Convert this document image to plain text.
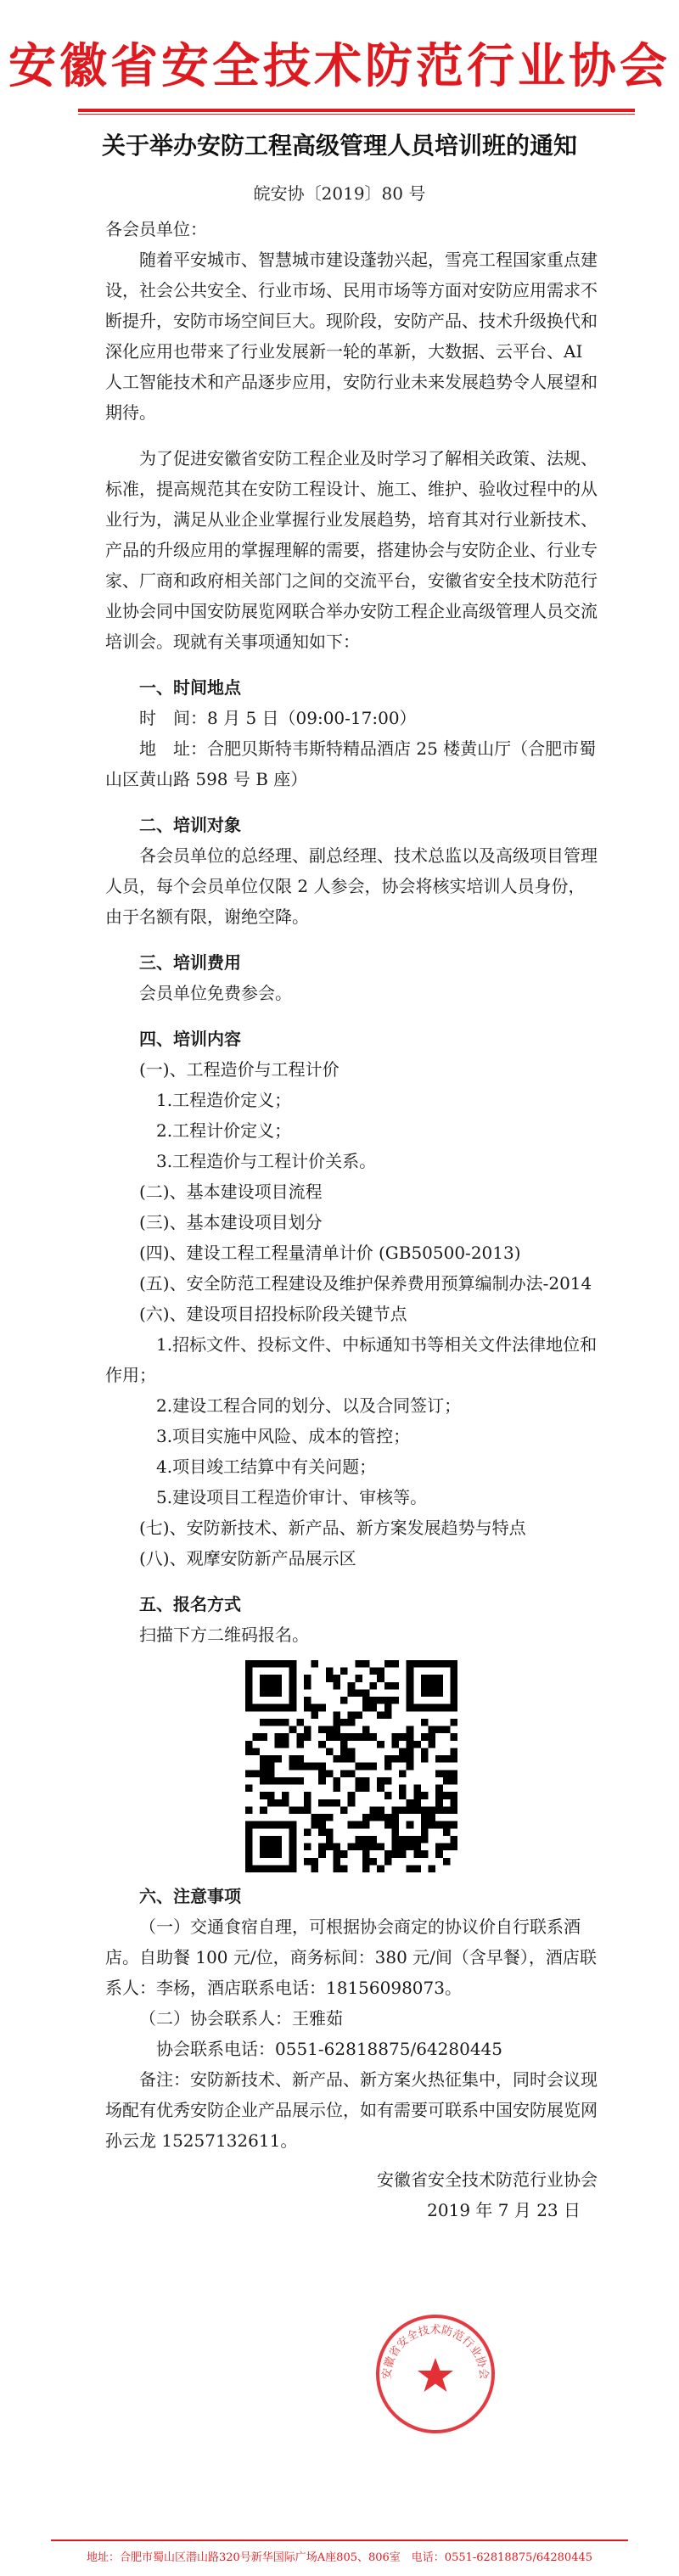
安徽省安全技术防范行业协会
关于举办安防工程高级管理人员培训班的通知
皖安协〔2019〕80 号

各会员单位：

随着平安城市、智慧城市建设蓬勃兴起，雪亮工程国家重点建设，社会公共安全、行业市场、民用市场等方面对安防应用需求不断提升，安防市场空间巨大。现阶段，安防产品、技术升级换代和深化应用也带来了行业发展新一轮的革新，大数据、云平台、AI 人工智能技术和产品逐步应用，安防行业未来发展趋势令人展望和期待。

为了促进安徽省安防工程企业及时学习了解相关政策、法规、标准，提高规范其在安防工程设计、施工、维护、验收过程中的从业行为，满足从业企业掌握行业发展趋势，培育其对行业新技术、产品的升级应用的掌握理解的需要，搭建协会与安防企业、行业专家、厂商和政府相关部门之间的交流平台，安徽省安全技术防范行业协会同中国安防展览网联合举办安防工程企业高级管理人员交流培训会。现就有关事项通知如下：

一、时间地点

时　间：8 月 5 日（09:00-17:00）

地　址：合肥贝斯特韦斯特精品酒店 25 楼黄山厅（合肥市蜀山区黄山路 598 号 B 座）

二、培训对象

各会员单位的总经理、副总经理、技术总监以及高级项目管理人员，每个会员单位仅限 2 人参会，协会将核实培训人员身份，由于名额有限，谢绝空降。

三、培训费用

会员单位免费参会。

四、培训内容

(一)、工程造价与工程计价

1.工程造价定义；

2.工程计价定义；

3.工程造价与工程计价关系。

(二)、基本建设项目流程

(三)、基本建设项目划分

(四)、建设工程工程量清单计价 (GB50500-2013)

(五)、安全防范工程建设及维护保养费用预算编制办法-2014

(六)、建设项目招投标阶段关键节点

1.招标文件、投标文件、中标通知书等相关文件法律地位和作用；

2.建设工程合同的划分、以及合同签订；

3.项目实施中风险、成本的管控；

4.项目竣工结算中有关问题；

5.建设项目工程造价审计、审核等。

(七)、安防新技术、新产品、新方案发展趋势与特点

(八)、观摩安防新产品展示区

五、报名方式

扫描下方二维码报名。

六、注意事项

（一）交通食宿自理，可根据协会商定的协议价自行联系酒店。自助餐 100 元/位，商务标间：380 元/间（含早餐），酒店联系人：李杨，酒店联系电话：18156098073。

（二）协会联系人：王雅茹

协会联系电话：0551-62818875/64280445

备注：安防新技术、新产品、新方案火热征集中，同时会议现场配有优秀安防企业产品展示位，如有需要可联系中国安防展览网孙云龙 15257132611。

安徽省安全技术防范行业协会

2019 年 7 月 23 日

安徽省安全技术防范行业协会
地址：合肥市蜀山区潜山路320号新华国际广场A座805、806室　电话：0551-62818875/64280445
